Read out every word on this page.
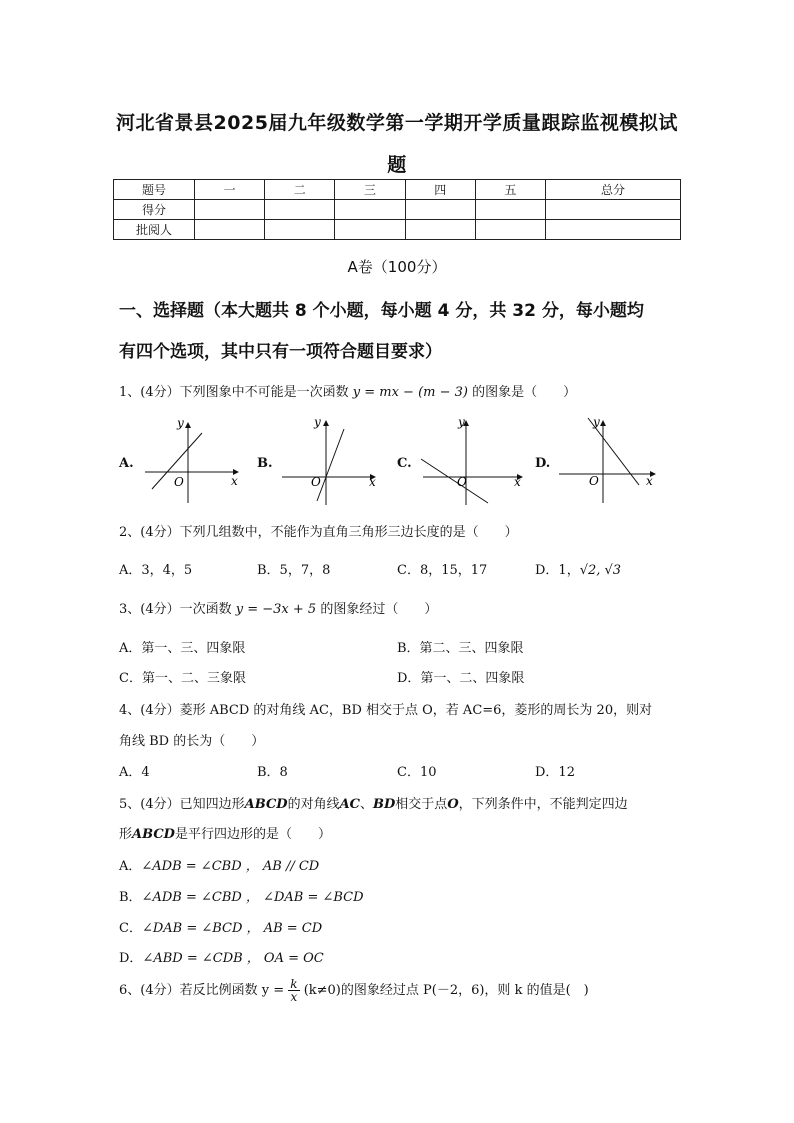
河北省景县2025届九年级数学第一学期开学质量跟踪监视模拟试
题
题号	一	二	三	四	五	总分
得分						
批阅人						
A卷（100分）
一、选择题（本大题共 8 个小题，每小题 4 分，共 32 分，每小题均
有四个选项，其中只有一项符合题目要求）
1、(4分）下列图象中不可能是一次函数 y = mx − (m − 3) 的图象是（　　）
A.	B.	C.	D.
y
x
O
y
x
O
y
x
O
y
x
O
2、(4分）下列几组数中，不能作为直角三角形三边长度的是（　　）
A．3，4，5	B．5，7，8	C．8，15，17	D．1，√2, √3
3、(4分）一次函数 y = −3x + 5 的图象经过（　　）
A．第一、三、四象限	B．第二、三、四象限
C．第一、二、三象限	D．第一、二、四象限
4、(4分）菱形 ABCD 的对角线 AC，BD 相交于点 O，若 AC=6，菱形的周长为 20，则对
角线 BD 的长为（　　）
A．4	B．8	C．10	D．12
5、(4分）已知四边形ABCD的对角线AC、BD相交于点O，下列条件中，不能判定四边
形ABCD是平行四边形的是（　　）
A．∠ADB = ∠CBD ， AB // CD
B．∠ADB = ∠CBD ， ∠DAB = ∠BCD
C．∠DAB = ∠BCD ， AB = CD
D．∠ABD = ∠CDB ， OA = OC
6、(4分）若反比例函数 $y = \frac{k}{x} (k\ne 0)$的图象经过点 P(－2，6)，则 k 的值是(　)
